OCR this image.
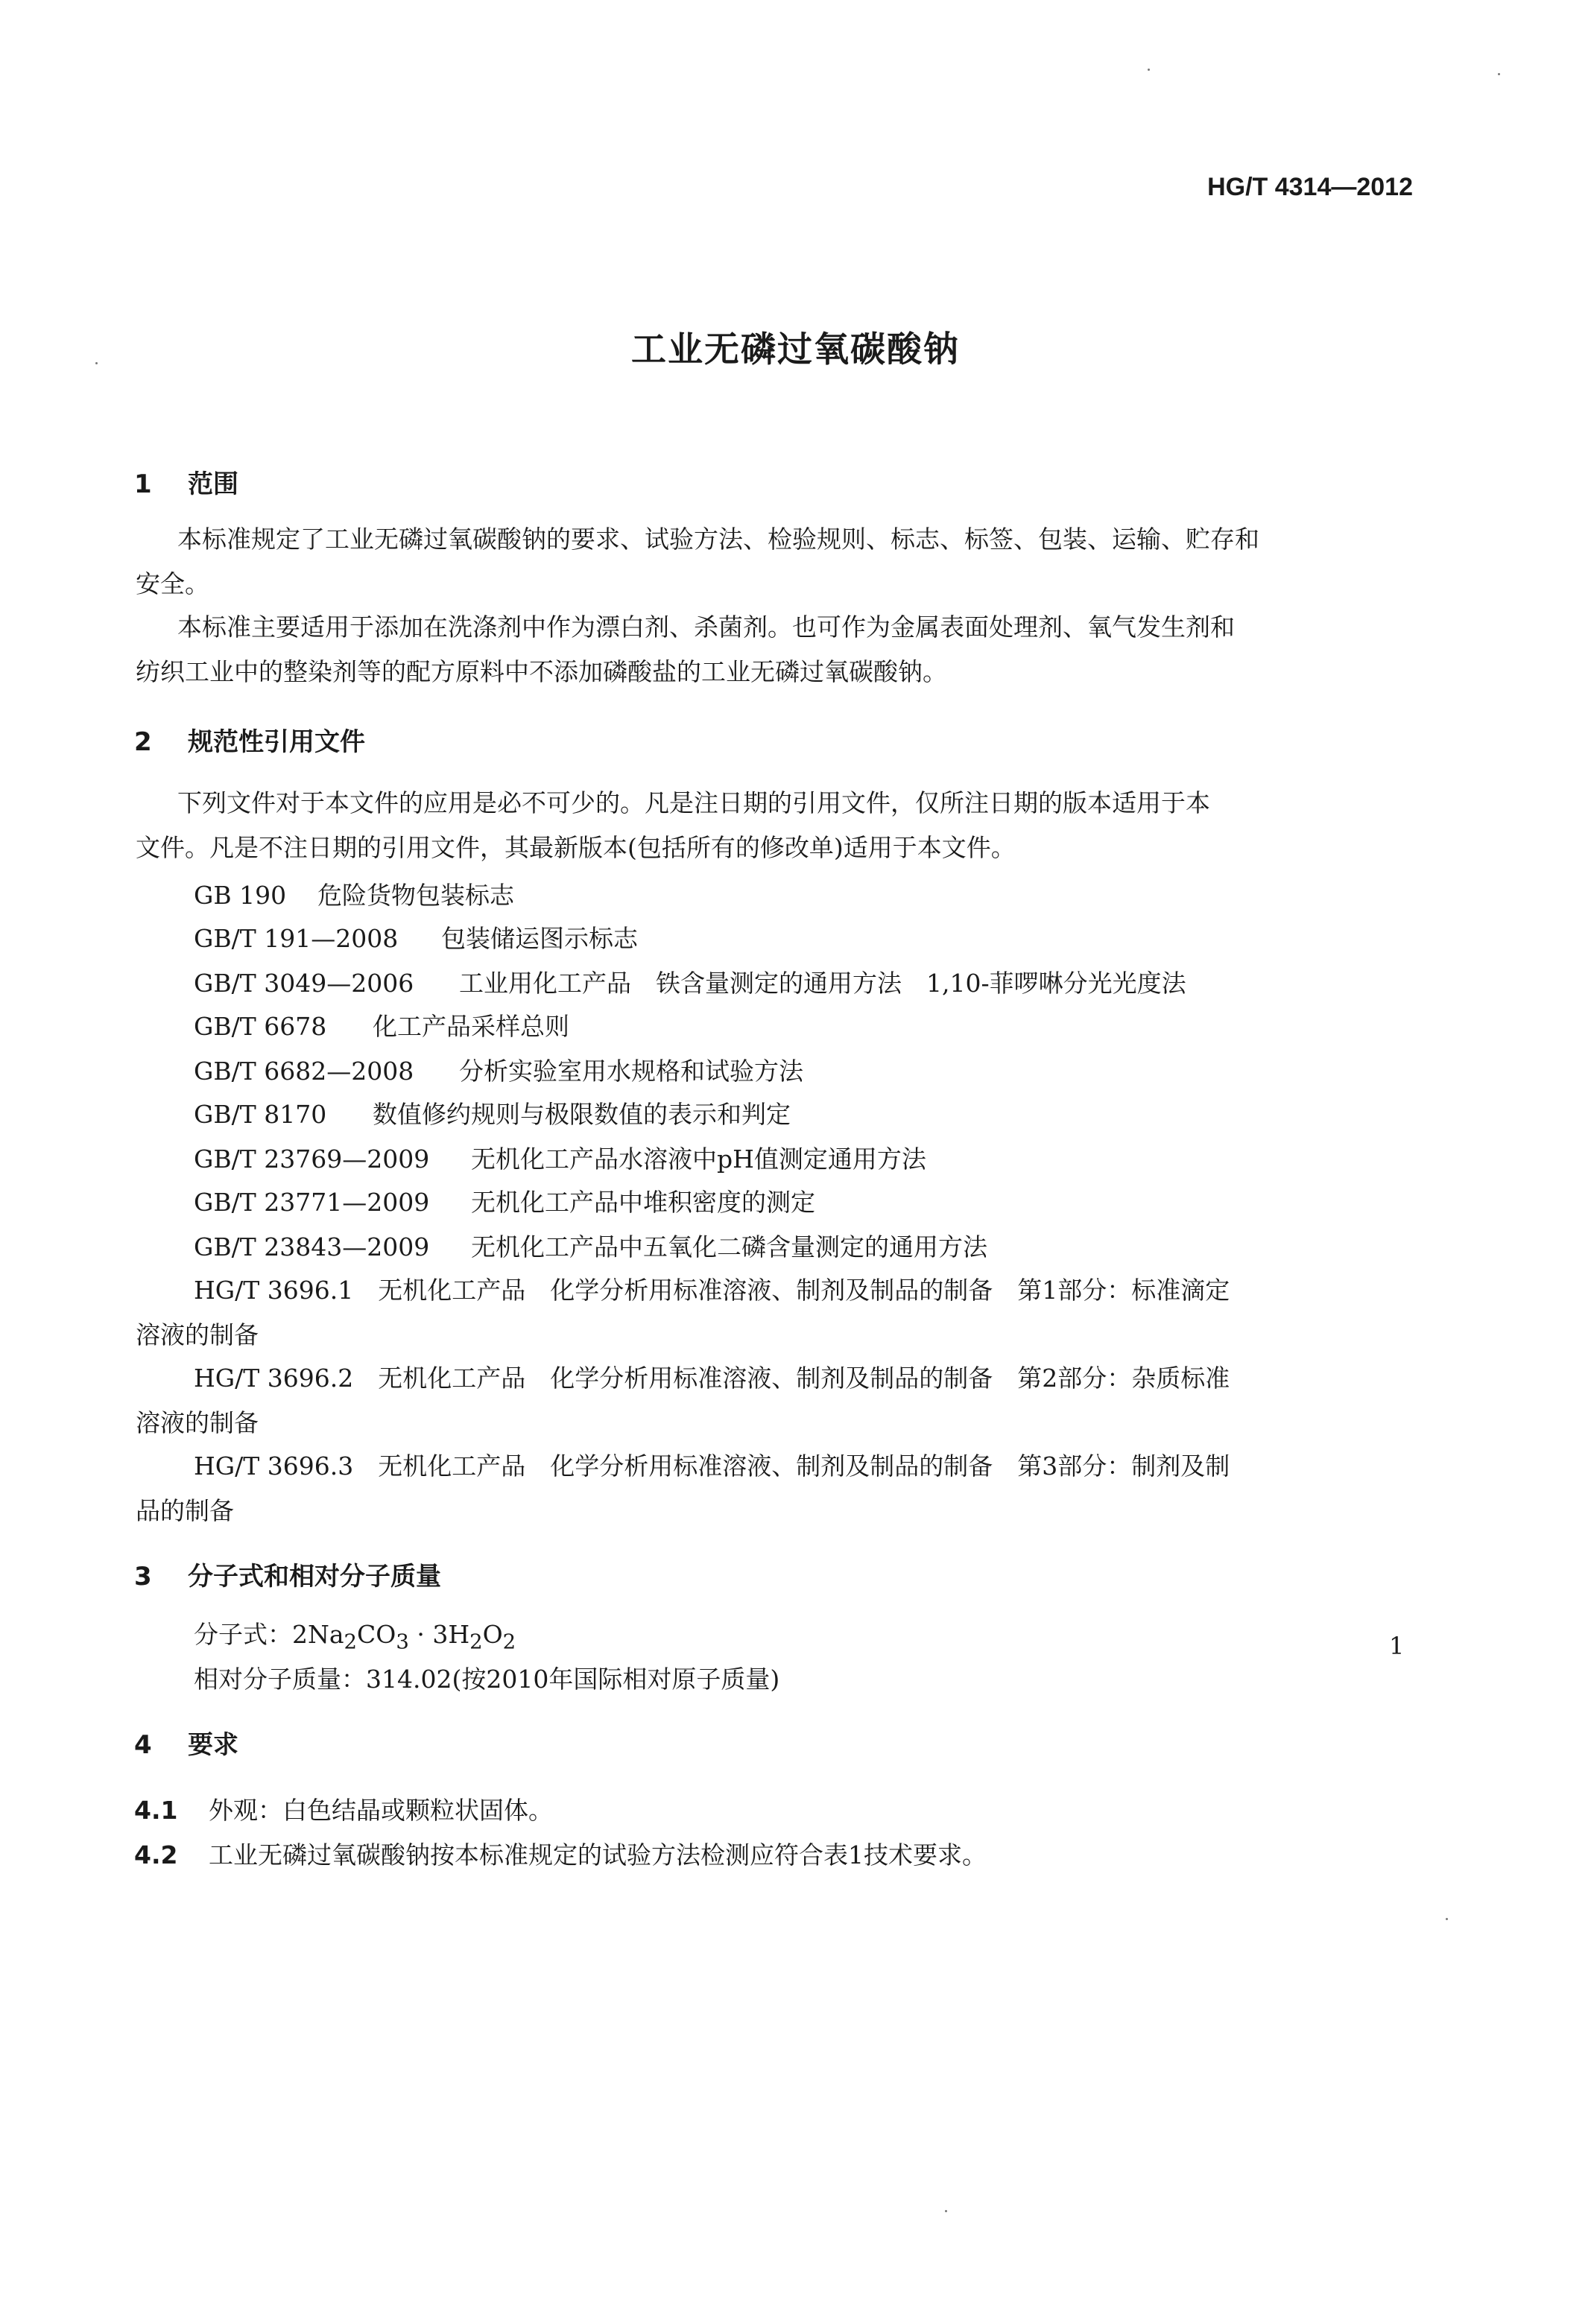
HG/T 4314—2012
工业无磷过氧碳酸钠
1 范围
本标准规定了工业无磷过氧碳酸钠的要求、试验方法、检验规则、标志、标签、包装、运输、贮存和
安全。
本标准主要适用于添加在洗涤剂中作为漂白剂、杀菌剂。也可作为金属表面处理剂、氧气发生剂和
纺织工业中的整染剂等的配方原料中不添加磷酸盐的工业无磷过氧碳酸钠。
2 规范性引用文件
下列文件对于本文件的应用是必不可少的。凡是注日期的引用文件，仅所注日期的版本适用于本
文件。凡是不注日期的引用文件，其最新版本(包括所有的修改单)适用于本文件。
GB 190 危险货物包装标志
GB/T 191—2008 包装储运图示标志
GB/T 3049—2006 工业用化工产品　铁含量测定的通用方法　1,10-菲啰啉分光光度法
GB/T 6678 化工产品采样总则
GB/T 6682—2008 分析实验室用水规格和试验方法
GB/T 8170 数值修约规则与极限数值的表示和判定
GB/T 23769—2009 无机化工产品水溶液中pH值测定通用方法
GB/T 23771—2009 无机化工产品中堆积密度的测定
GB/T 23843—2009 无机化工产品中五氧化二磷含量测定的通用方法
HG/T 3696.1　无机化工产品　化学分析用标准溶液、制剂及制品的制备　第1部分：标准滴定
溶液的制备
HG/T 3696.2　无机化工产品　化学分析用标准溶液、制剂及制品的制备　第2部分：杂质标准
溶液的制备
HG/T 3696.3　无机化工产品　化学分析用标准溶液、制剂及制品的制备　第3部分：制剂及制
品的制备
3 分子式和相对分子质量
分子式：$2Na_2CO_3 \cdot 3H_2O_2$
相对分子质量：314.02(按2010年国际相对原子质量)
4 要求
4.1 外观：白色结晶或颗粒状固体。
4.2 工业无磷过氧碳酸钠按本标准规定的试验方法检测应符合表1技术要求。
1
